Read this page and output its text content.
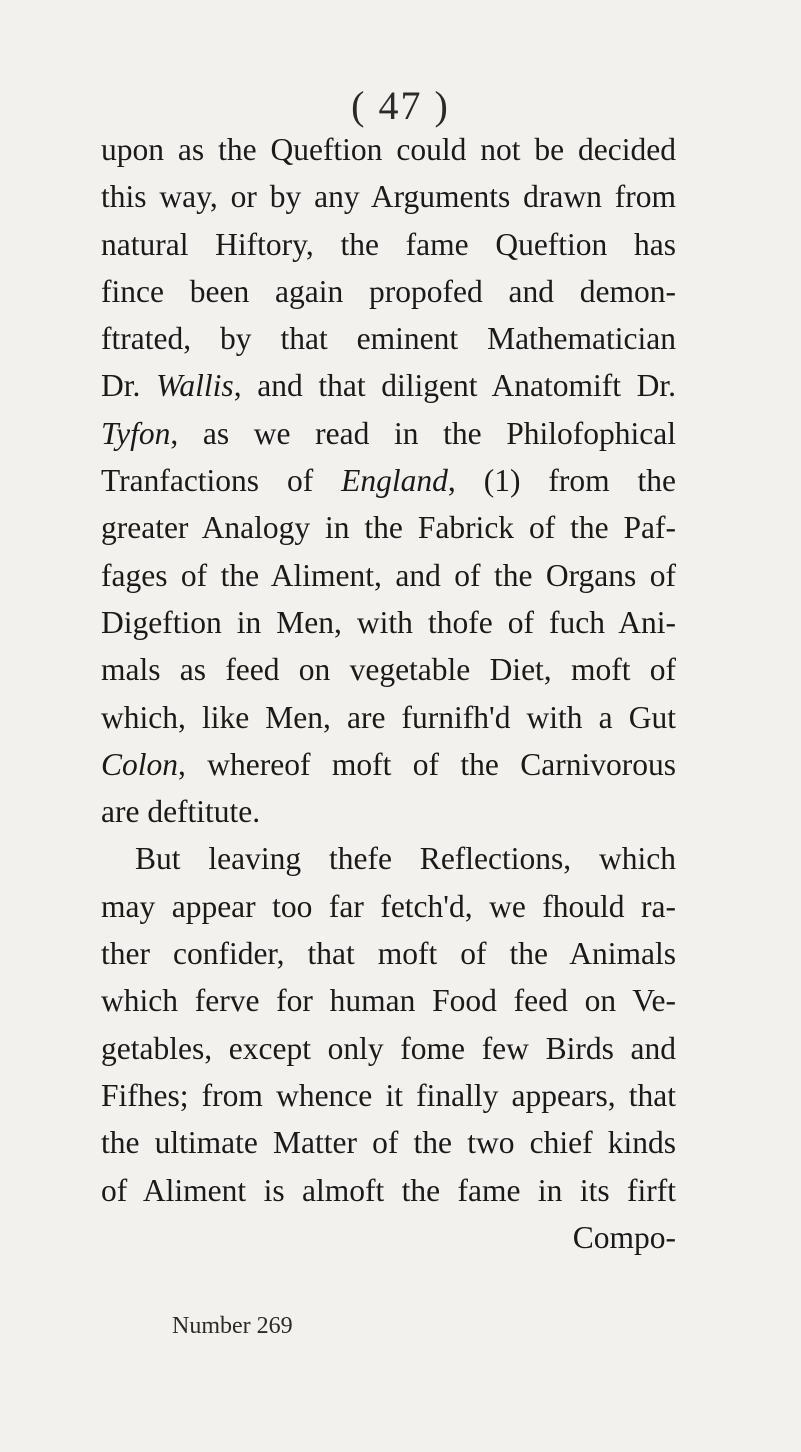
( 47 )
upon as the Queftion could not be decided
this way, or by any Arguments drawn from
natural Hiftory, the fame Queftion has
fince been again propofed and demon-
ftrated, by that eminent Mathematician
Dr. Wallis, and that diligent Anatomift Dr.
Tyfon, as we read in the Philofophical
Tranfactions of England, (1) from the
greater Analogy in the Fabrick of the Paf-
fages of the Aliment, and of the Organs of
Digeftion in Men, with thofe of fuch Ani-
mals as feed on vegetable Diet, moft of
which, like Men, are furnifh'd with a Gut
Colon, whereof moft of the Carnivorous
are deftitute.
But leaving thefe Reflections, which
may appear too far fetch'd, we fhould ra-
ther confider, that moft of the Animals
which ferve for human Food feed on Ve-
getables, except only fome few Birds and
Fifhes; from whence it finally appears, that
the ultimate Matter of the two chief kinds
of Aliment is almoft the fame in its firft
Compo-
Number 269
